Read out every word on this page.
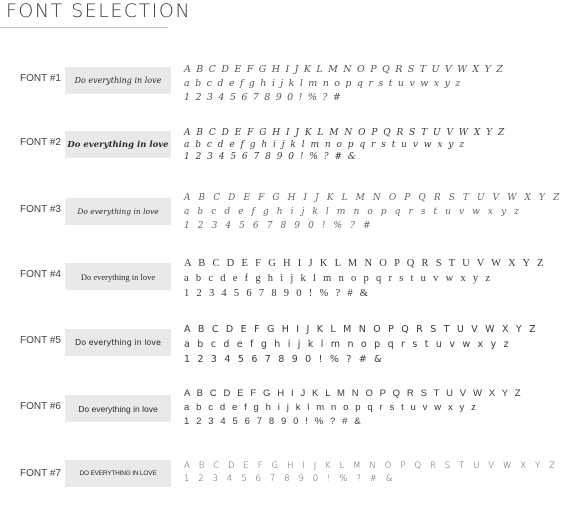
FONT SELECTION
FONT #1	Do everything in love
A B C D E F G H I J K L M N O P Q R S T U V W X Y Z
a b c d e f g h i j k l m n o p q r s t u v w x y z
1 2 3 4 5 6 7 8 9 0 ! % ? #
FONT #2 Do everything in love
A B C D E F G H I J K L M N O P Q R S T U V W X Y Z
a b c d e f g h i j k l m n o p q r s t u v w x y z
1 2 3 4 5 6 7 8 9 0 ! % ? # &
FONT #3	Do everything in love
A B C D E F G H I J K L M N O P Q R S T U V W X Y Z
a b c d e f g h i j k l m n o p q r s t u v w x y z
1 2 3 4 5 6 7 8 9 0 ! % ? #
FONT #4	Do everything in love
A B C D E F G H I J K L M N O P Q R S T U V W X Y Z
a b c d e f g h i j k l m n o p q r s t u v w x y z
1 2 3 4 5 6 7 8 9 0 ! % ? # &
FONT #5	Do everything in love
A B C D E F G H I J K L M N O P Q R S T U V W X Y Z
a b c d e f g h i j k l m n o p q r s t u v w x y z
1 2 3 4 5 6 7 8 9 0 ! % ? # &
FONT #6	Do everything in love
A B C D E F G H I J K L M N O P Q R S T U V W X Y Z
a b c d e f g h i j k l m n o p q r s t u v w x y z
1 2 3 4 5 6 7 8 9 0 ! % ? # &
FONT #7	DO EVERYTHING IN LOVE
A B C D E F G H I J K L M N O P Q R S T U V W X Y Z
1 2 3 4 5 6 7 8 9 0 ! % ? # &
